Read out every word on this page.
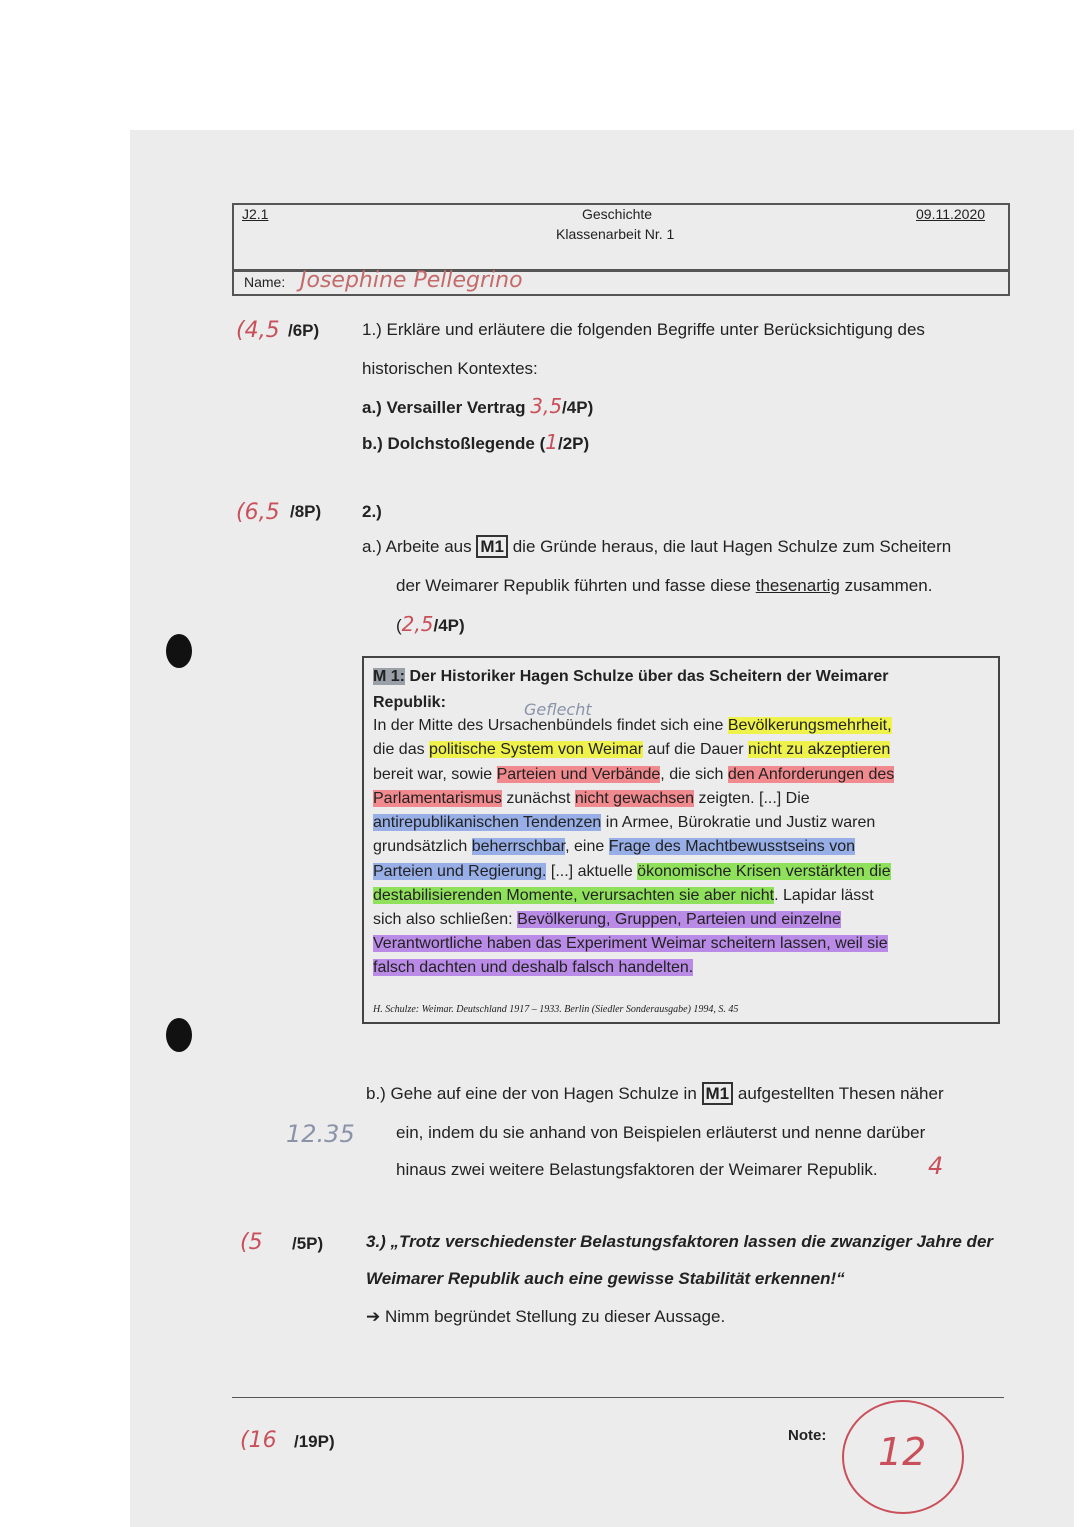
J2.1	Geschichte
Klassenarbeit Nr. 1
09.11.2020
Name: Josephine Pellegrino
(4,5 /6P)	1.) Erkläre und erläutere die folgenden Begriffe unter Berücksichtigung des
historischen Kontextes:
a.) Versailler Vertrag 3,5/4P)
b.) Dolchstoßlegende (1/2P)
(6,5 /8P) 2.)
a.) Arbeite aus M1 die Gründe heraus, die laut Hagen Schulze zum Scheitern
der Weimarer Republik führten und fasse diese thesenartig zusammen.
(2,5/4P)
M 1: Der Historiker Hagen Schulze über das Scheitern der Weimarer
Republik:	Geflecht
In der Mitte des Ursachenbündels findet sich eine Bevölkerungsmehrheit,
die das politische System von Weimar auf die Dauer nicht zu akzeptieren
bereit war, sowie Parteien und Verbände, die sich den Anforderungen des
Parlamentarismus zunächst nicht gewachsen zeigten. [...] Die
antirepublikanischen Tendenzen in Armee, Bürokratie und Justiz waren
grundsätzlich beherrschbar, eine Frage des Machtbewusstseins von
Parteien und Regierung. [...] aktuelle ökonomische Krisen verstärkten die
destabilisierenden Momente, verursachten sie aber nicht. Lapidar lässt
sich also schließen: Bevölkerung, Gruppen, Parteien und einzelne
Verantwortliche haben das Experiment Weimar scheitern lassen, weil sie
falsch dachten und deshalb falsch handelten.
H. Schulze: Weimar. Deutschland 1917 – 1933. Berlin (Siedler Sonderausgabe) 1994, S. 45
b.) Gehe auf eine der von Hagen Schulze in M1 aufgestellten Thesen näher
12.35 ein, indem du sie anhand von Beispielen erläuterst und nenne darüber
hinaus zwei weitere Belastungsfaktoren der Weimarer Republik. 4
(5 /5P)	3.) „Trotz verschiedenster Belastungsfaktoren lassen die zwanziger Jahre der
Weimarer Republik auch eine gewisse Stabilität erkennen!“
➔ Nimm begründet Stellung zu dieser Aussage.
(16 /19P)	Note: 12
